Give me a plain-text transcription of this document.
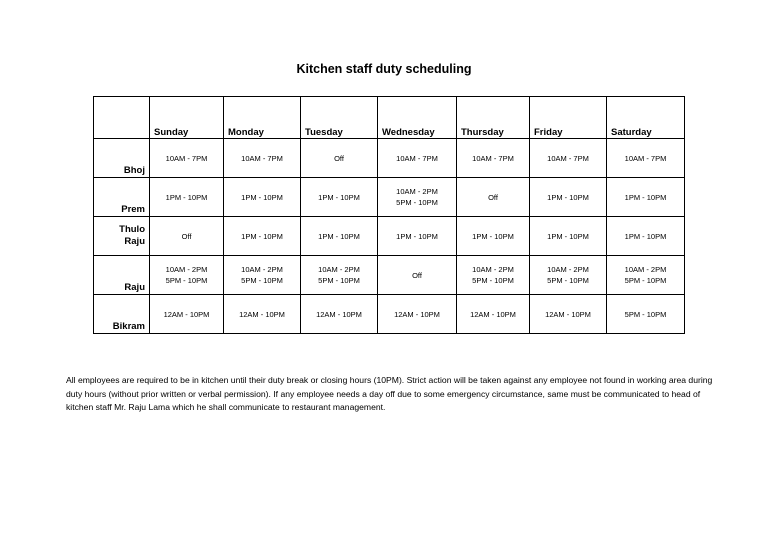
Kitchen staff duty scheduling
	Sunday	Monday	Tuesday	Wednesday	Thursday	Friday	Saturday

Bhoj	10AM - 7PM	10AM - 7PM	Off	10AM - 7PM	10AM - 7PM	10AM - 7PM	10AM - 7PM

Prem	1PM - 10PM	1PM - 10PM	1PM - 10PM	10AM - 2PM
5PM - 10PM	Off	1PM - 10PM	1PM - 10PM

Thulo
Raju	Off	1PM - 10PM	1PM - 10PM	1PM - 10PM	1PM - 10PM	1PM - 10PM	1PM - 10PM

Raju	10AM - 2PM
5PM - 10PM	10AM - 2PM
5PM - 10PM	10AM - 2PM
5PM - 10PM	Off	10AM - 2PM
5PM - 10PM	10AM - 2PM
5PM - 10PM	10AM - 2PM
5PM - 10PM

Bikram	12AM - 10PM	12AM - 10PM	12AM - 10PM	12AM - 10PM	12AM - 10PM	12AM - 10PM	5PM - 10PM
All employees are required to be in kitchen until their duty break or closing hours (10PM). Strict action will be taken against any employee not found in working area during duty hours (without prior written or verbal permission). If any employee needs a day off due to some emergency circumstance, same must be communicated to head of kitchen staff Mr. Raju Lama which he shall communicate to restaurant management.
